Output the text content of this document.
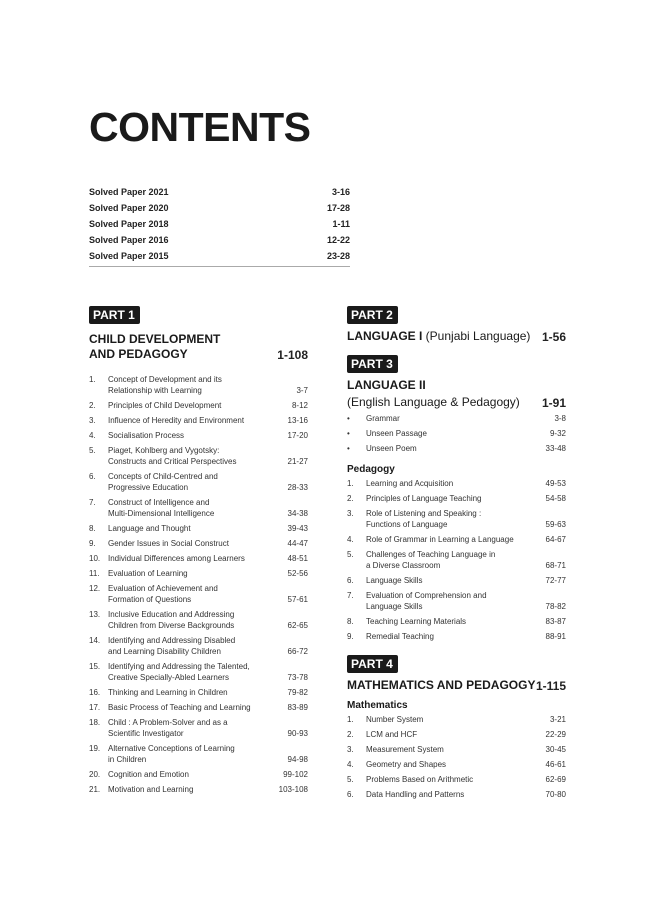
CONTENTS
Solved Paper 2021	3-16
Solved Paper 2020	17-28
Solved Paper 2018	1-11
Solved Paper 2016	12-22
Solved Paper 2015	23-28
PART 1
CHILD DEVELOPMENT
AND PEDAGOGY	1-108
1.	Concept of Development and its
Relationship with Learning	3-7
2.	Principles of Child Development	8-12
3.	Influence of Heredity and Environment	13-16
4.	Socialisation Process	17-20
5.	Piaget, Kohlberg and Vygotsky:
Constructs and Critical Perspectives	21-27
6.	Concepts of Child-Centred and
Progressive Education	28-33
7.	Construct of Intelligence and
Multi-Dimensional Intelligence	34-38
8.	Language and Thought	39-43
9.	Gender Issues in Social Construct	44-47
10. Individual Differences among Learners	48-51
11.	Evaluation of Learning	52-56
12. Evaluation of Achievement and
Formation of Questions	57-61
13. Inclusive Education and Addressing
Children from Diverse Backgrounds	62-65
14. Identifying and Addressing Disabled
and Learning Disability Children	66-72
15. Identifying and Addressing the Talented,
Creative Specially-Abled Learners	73-78
16. Thinking and Learning in Children	79-82
17. Basic Process of Teaching and Learning	83-89
18. Child : A Problem-Solver and as a
Scientific Investigator	90-93
19. Alternative Conceptions of Learning
in Children	94-98
20. Cognition and Emotion	99-102
21. Motivation and Learning	103-108
PART 2
LANGUAGE I (Punjabi Language) 1-56
PART 3
LANGUAGE II
(English Language & Pedagogy) 1-91
•	Grammar	3-8
•	Unseen Passage	9-32
•	Unseen Poem	33-48
Pedagogy
1.	Learning and Acquisition	49-53
2.	Principles of Language Teaching	54-58
3.	Role of Listening and Speaking :
Functions of Language	59-63
4.	Role of Grammar in Learning a Language	64-67
5.	Challenges of Teaching Language in
a Diverse Classroom	68-71
6.	Language Skills	72-77
7.	Evaluation of Comprehension and
Language Skills	78-82
8.	Teaching Learning Materials	83-87
9.	Remedial Teaching	88-91
PART 4
MATHEMATICS AND PEDAGOGY 1-115
Mathematics
1.	Number System	3-21
2.	LCM and HCF	22-29
3.	Measurement System	30-45
4.	Geometry and Shapes	46-61
5.	Problems Based on Arithmetic	62-69
6.	Data Handling and Patterns	70-80
